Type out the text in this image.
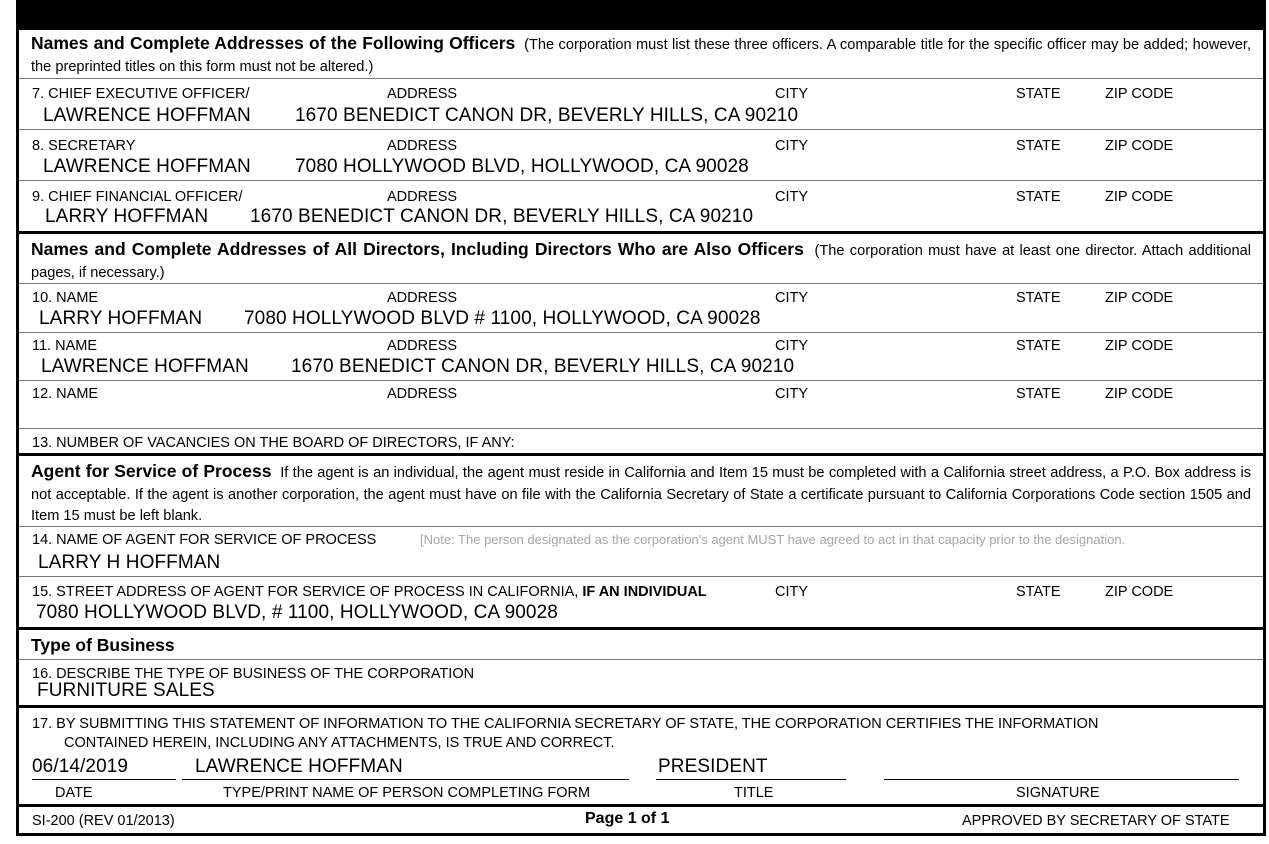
Names and Complete Addresses of the Following Officers (The corporation must list these three officers. A comparable title for the specific officer may be added; however, the preprinted titles on this form must not be altered.)
7. CHIEF EXECUTIVE OFFICER/	ADDRESS	CITY	STATE	ZIP CODE
LAWRENCE HOFFMAN 1670 BENEDICT CANON DR, BEVERLY HILLS, CA 90210
8. SECRETARY	ADDRESS	CITY	STATE	ZIP CODE
LAWRENCE HOFFMAN 7080 HOLLYWOOD BLVD, HOLLYWOOD, CA 90028
9. CHIEF FINANCIAL OFFICER/	ADDRESS	CITY	STATE	ZIP CODE
LARRY HOFFMAN 1670 BENEDICT CANON DR, BEVERLY HILLS, CA 90210
Names and Complete Addresses of All Directors, Including Directors Who are Also Officers (The corporation must have at least one director. Attach additional pages, if necessary.)
10. NAME	ADDRESS	CITY	STATE	ZIP CODE
LARRY HOFFMAN 7080 HOLLYWOOD BLVD # 1100, HOLLYWOOD, CA 90028
11. NAME	ADDRESS	CITY	STATE	ZIP CODE
LAWRENCE HOFFMAN 1670 BENEDICT CANON DR, BEVERLY HILLS, CA 90210
12. NAME	ADDRESS	CITY	STATE	ZIP CODE
13. NUMBER OF VACANCIES ON THE BOARD OF DIRECTORS, IF ANY:
Agent for Service of Process If the agent is an individual, the agent must reside in California and Item 15 must be completed with a California street address, a P.O. Box address is not acceptable. If the agent is another corporation, the agent must have on file with the California Secretary of State a certificate pursuant to California Corporations Code section 1505 and Item 15 must be left blank.
14. NAME OF AGENT FOR SERVICE OF PROCESS	[Note: The person designated as the corporation's agent MUST have agreed to act in that capacity prior to the designation.
LARRY H HOFFMAN
15. STREET ADDRESS OF AGENT FOR SERVICE OF PROCESS IN CALIFORNIA, IF AN INDIVIDUAL	CITY	STATE	ZIP CODE
7080 HOLLYWOOD BLVD, # 1100, HOLLYWOOD, CA 90028
Type of Business
16. DESCRIBE THE TYPE OF BUSINESS OF THE CORPORATION
FURNITURE SALES
17. BY SUBMITTING THIS STATEMENT OF INFORMATION TO THE CALIFORNIA SECRETARY OF STATE, THE CORPORATION CERTIFIES THE INFORMATION
CONTAINED HEREIN, INCLUDING ANY ATTACHMENTS, IS TRUE AND CORRECT.
06/14/2019	LAWRENCE HOFFMAN	PRESIDENT
DATE	TYPE/PRINT NAME OF PERSON COMPLETING FORM	TITLE	SIGNATURE
SI-200 (REV 01/2013)	Page 1 of 1	APPROVED BY SECRETARY OF STATE
